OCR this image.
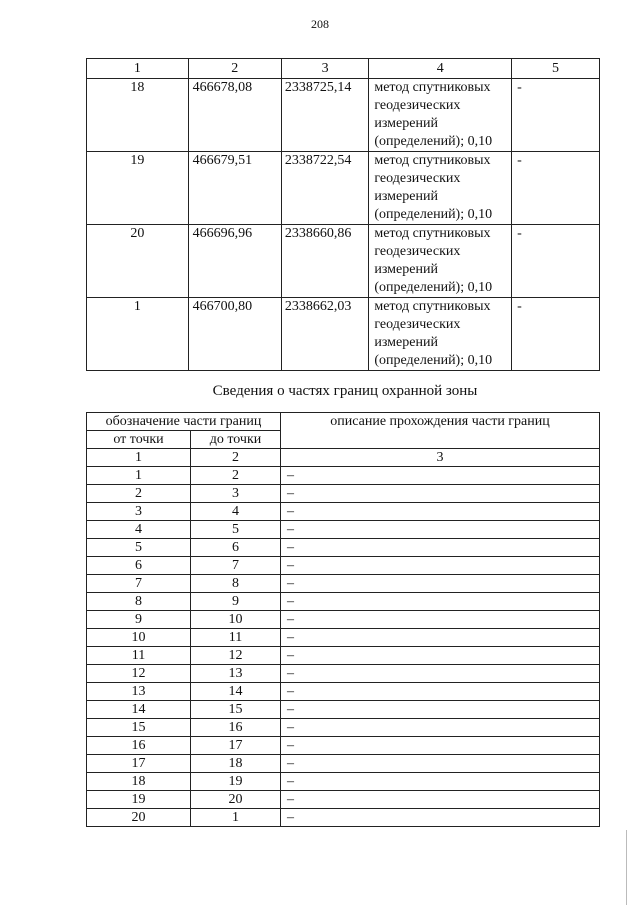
208
1	2	3	4	5
18	466678,08	2338725,14	метод спутниковых
геодезических
измерений
(определений); 0,10	-
19	466679,51	2338722,54	метод спутниковых
геодезических
измерений
(определений); 0,10	-
20	466696,96	2338660,86	метод спутниковых
геодезических
измерений
(определений); 0,10	-
1	466700,80	2338662,03	метод спутниковых
геодезических
измерений
(определений); 0,10	-
Сведения о частях границ охранной зоны
обозначение части границ		описание прохождения части границ
от точки	до точки	
1	2	3
1	2	–
2	3	–
3	4	–
4	5	–
5	6	–
6	7	–
7	8	–
8	9	–
9	10	–
10	11	–
11	12	–
12	13	–
13	14	–
14	15	–
15	16	–
16	17	–
17	18	–
18	19	–
19	20	–
20	1	–
